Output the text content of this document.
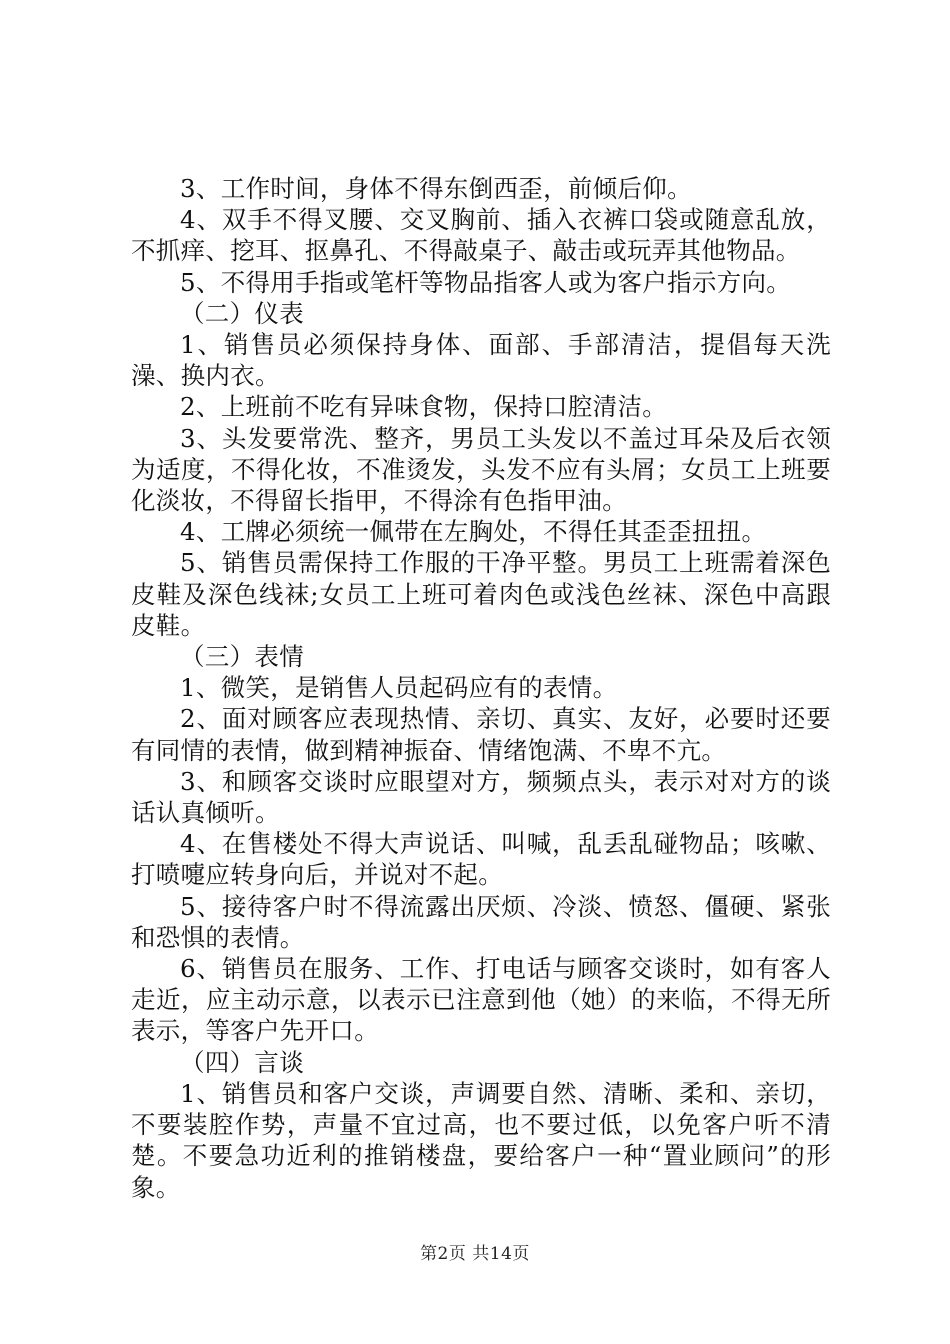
3、工作时间，身体不得东倒西歪，前倾后仰。

4、双手不得叉腰、交叉胸前、插入衣裤口袋或随意乱放，不抓痒、挖耳、抠鼻孔、不得敲桌子、敲击或玩弄其他物品。

5、不得用手指或笔杆等物品指客人或为客户指示方向。

（二）仪表

1、销售员必须保持身体、面部、手部清洁，提倡每天洗澡、换内衣。

2、上班前不吃有异味食物，保持口腔清洁。

3、头发要常洗、整齐，男员工头发以不盖过耳朵及后衣领为适度，不得化妆，不准烫发，头发不应有头屑；女员工上班要化淡妆，不得留长指甲，不得涂有色指甲油。

4、工牌必须统一佩带在左胸处，不得任其歪歪扭扭。

5、销售员需保持工作服的干净平整。男员工上班需着深色皮鞋及深色线袜;女员工上班可着肉色或浅色丝袜、深色中高跟皮鞋。

（三）表情

1、微笑，是销售人员起码应有的表情。

2、面对顾客应表现热情、亲切、真实、友好，必要时还要有同情的表情，做到精神振奋、情绪饱满、不卑不亢。

3、和顾客交谈时应眼望对方，频频点头，表示对对方的谈话认真倾听。

4、在售楼处不得大声说话、叫喊，乱丢乱碰物品；咳嗽、打喷嚏应转身向后，并说对不起。

5、接待客户时不得流露出厌烦、冷淡、愤怒、僵硬、紧张和恐惧的表情。

6、销售员在服务、工作、打电话与顾客交谈时，如有客人走近，应主动示意，以表示已注意到他（她）的来临，不得无所表示，等客户先开口。

（四）言谈

1、销售员和客户交谈，声调要自然、清晰、柔和、亲切，不要装腔作势，声量不宜过高，也不要过低，以免客户听不清楚。不要急功近利的推销楼盘，要给客户一种“置业顾问”的形象。

第2页 共14页
